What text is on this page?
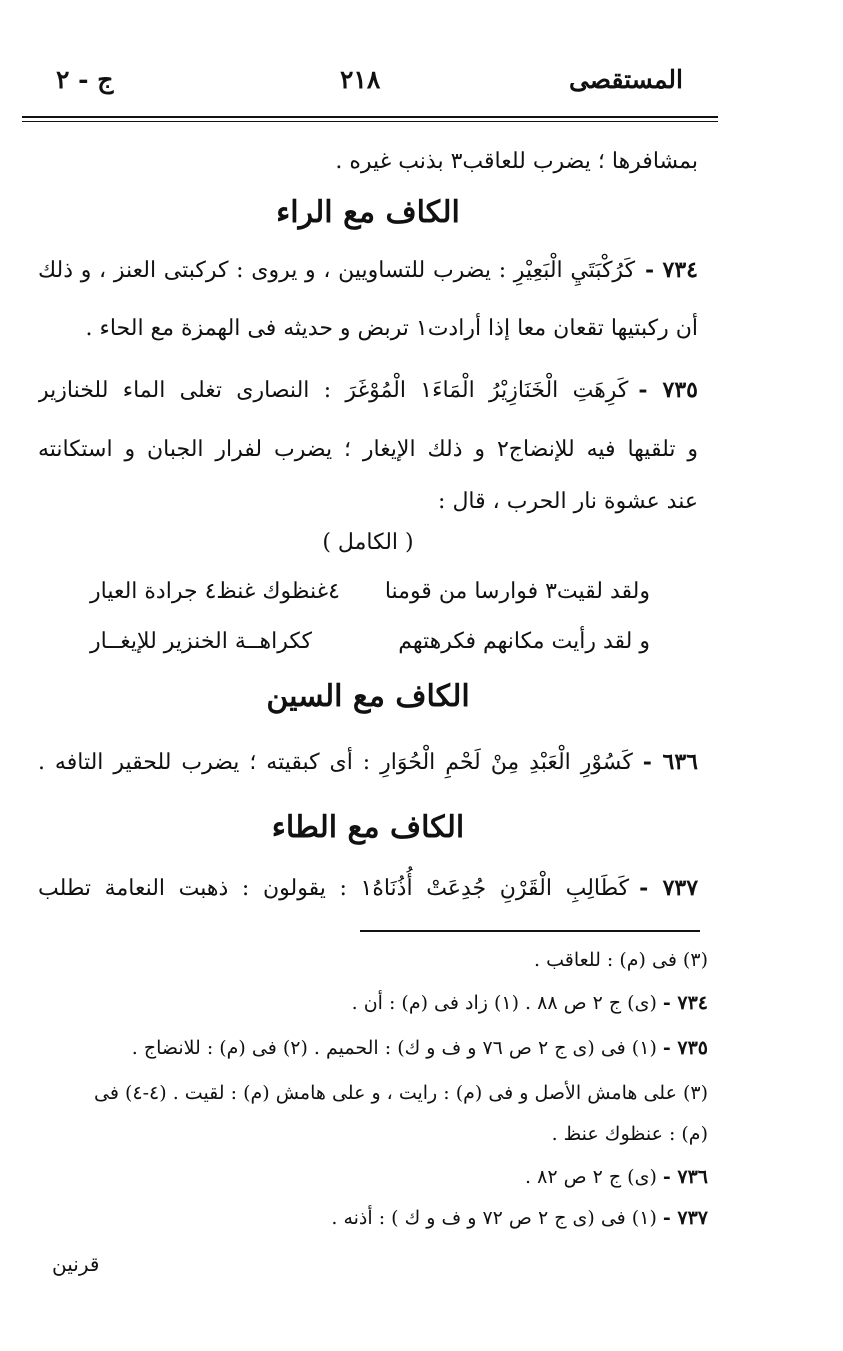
المستقصى
٢١٨
ج - ٢
بمشافرها ؛ يضرب للعاقب٣ بذنب غيره .
الكاف مع الراء
٧٣٤ -كَرُكْبَتَيِ الْبَعِيْرِ : يضرب للتساويين ، و يروى : كركبتى العنز ، و ذلك
أن ركبتيها تقعان معا إذا أرادت١ تربض و حديثه فى الهمزة مع الحاء .
٧٣٥ -كَرِهَتِ الْخَنَازِيْرُ الْمَاءَ١ الْمُوْغَرَ : النصارى تغلى الماء للخنازير
و تلقيها فيه للإنضاج٢ و ذلك الإيغار ؛ يضرب لفرار الجبان و استكانته
عند عشوة نار الحرب ، قال :
( الكامل )
ولقد لقيت٣ فوارسا من قومنا
٤غنظوك غنظ٤ جرادة العيار
و لقد رأيت مكانهم فكرهتهم
ككراهــة الخنزير للإيغــار
الكاف مع السين
٦٣٦ -كَسُوْرِ الْعَبْدِ مِنْ لَحْمِ الْحُوَارِ : أى كبقيته ؛ يضرب للحقير التافه .
الكاف مع الطاء
٧٣٧ -كَطَالِبِ الْقَرْنِ جُدِعَتْ أُذُنَاهُ١ : يقولون : ذهبت النعامة تطلب
(٣) فى (م) : للعاقب .
٧٣٤ -(ى) ج ٢ ص ٨٨ . (١) زاد فى (م) : أن .
٧٣٥ -(١) فى (ى ج ٢ ص ٧٦ و ف و ك) : الحميم . (٢) فى (م) : للانضاج .
(٣) على هامش الأصل و فى (م) : رايت ، و على هامش (م) : لقيت . (٤-٤) فى
(م) : عنظوك عنظ .
٧٣٦ -(ى) ج ٢ ص ٨٢ .
٧٣٧ -(١) فى (ى ج ٢ ص ٧٢ و ف و ك ) : أذنه .
قرنين
